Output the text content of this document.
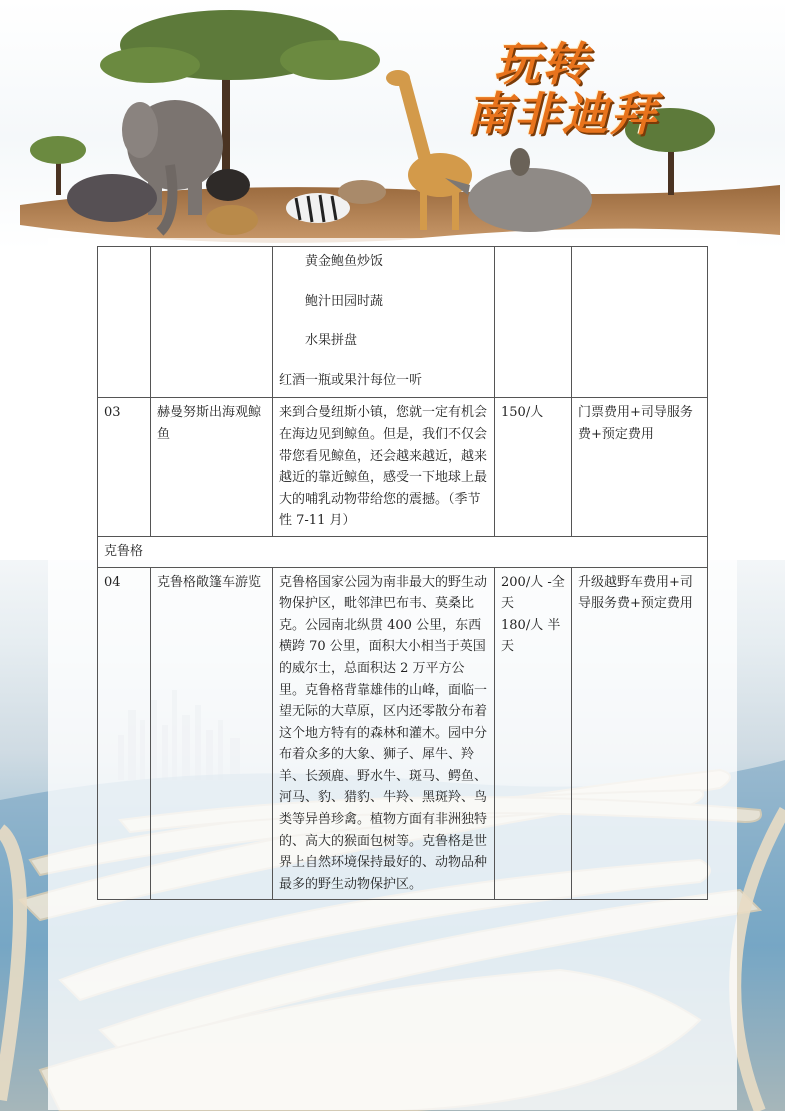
玩转
南非迪拜

		黄金鲍鱼炒饭
鲍汁田园时蔬
水果拼盘
红酒一瓶或果汁每位一听		

03	赫曼努斯出海观鲸鱼	来到合曼纽斯小镇，您就一定有机会在海边见到鲸鱼。但是，我们不仅会带您看见鲸鱼，还会越来越近，越来越近的靠近鲸鱼，感受一下地球上最大的哺乳动物带给您的震撼。（季节性 7-11 月）	150/人	门票费用+司导服务费+预定费用
克鲁格				
04	克鲁格敞篷车游览	克鲁格国家公园为南非最大的野生动物保护区，毗邻津巴布韦、莫桑比克。公园南北纵贯 400 公里，东西横跨 70 公里，面积大小相当于英国的威尔士，总面积达 2 万平方公里。克鲁格背靠雄伟的山峰，面临一望无际的大草原，区内还零散分布着这个地方特有的森林和灌木。园中分布着众多的大象、狮子、犀牛、羚羊、长颈鹿、野水牛、斑马、鳄鱼、河马、豹、猎豹、牛羚、黑斑羚、鸟类等异兽珍禽。植物方面有非洲独特的、高大的猴面包树等。克鲁格是世界上自然环境保持最好的、动物品种最多的野生动物保护区。	200/人 -全天
180/人 半天	升级越野车费用+司导服务费+预定费用
